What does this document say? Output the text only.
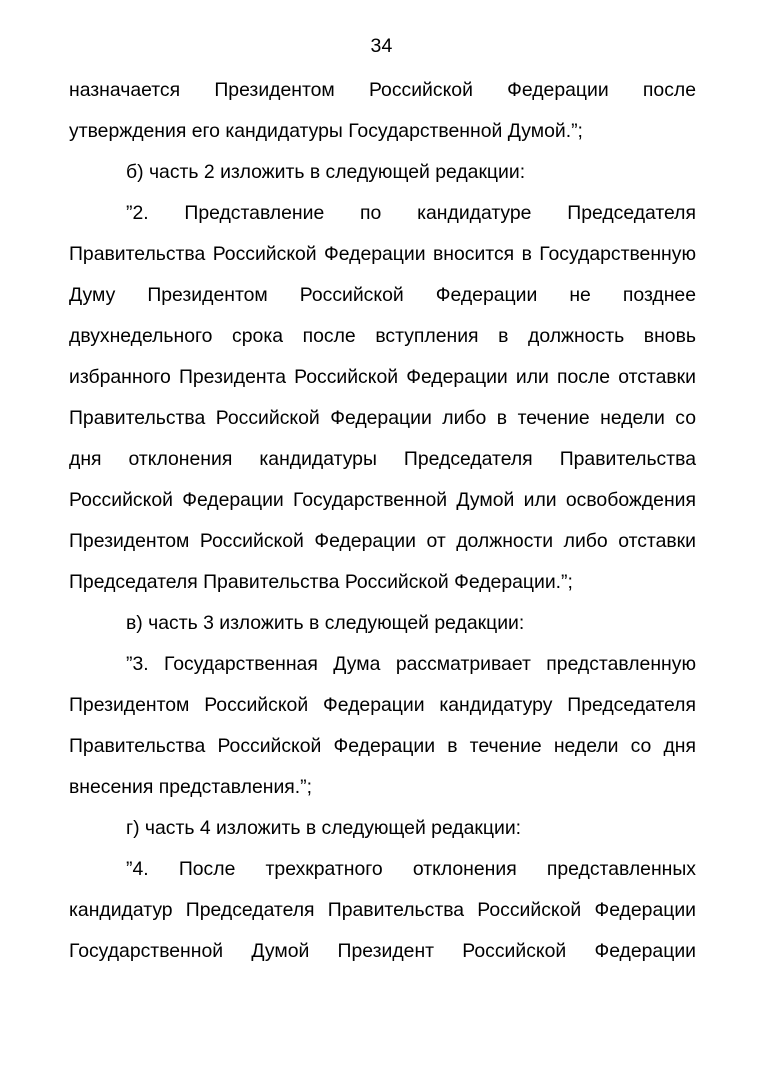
34

назначается Президентом Российской Федерации после утверждения его кандидатуры Государственной Думой.”;

б) часть 2 изложить в следующей редакции:

”2. Представление по кандидатуре Председателя Правительства Российской Федерации вносится в Государственную Думу Президентом Российской Федерации не позднее двухнедельного срока после вступления в должность вновь избранного Президента Российской Федерации или после отставки Правительства Российской Федерации либо в течение недели со дня отклонения кандидатуры Председателя Правительства Российской Федерации Государственной Думой или освобождения Президентом Российской Федерации от должности либо отставки Председателя Правительства Российской Федерации.”;

в) часть 3 изложить в следующей редакции:

”3. Государственная Дума рассматривает представленную Президентом Российской Федерации кандидатуру Председателя Правительства Российской Федерации в течение недели со дня внесения представления.”;

г) часть 4 изложить в следующей редакции:

”4. После трехкратного отклонения представленных кандидатур Председателя Правительства Российской Федерации Государственной Думой Президент Российской Федерации
